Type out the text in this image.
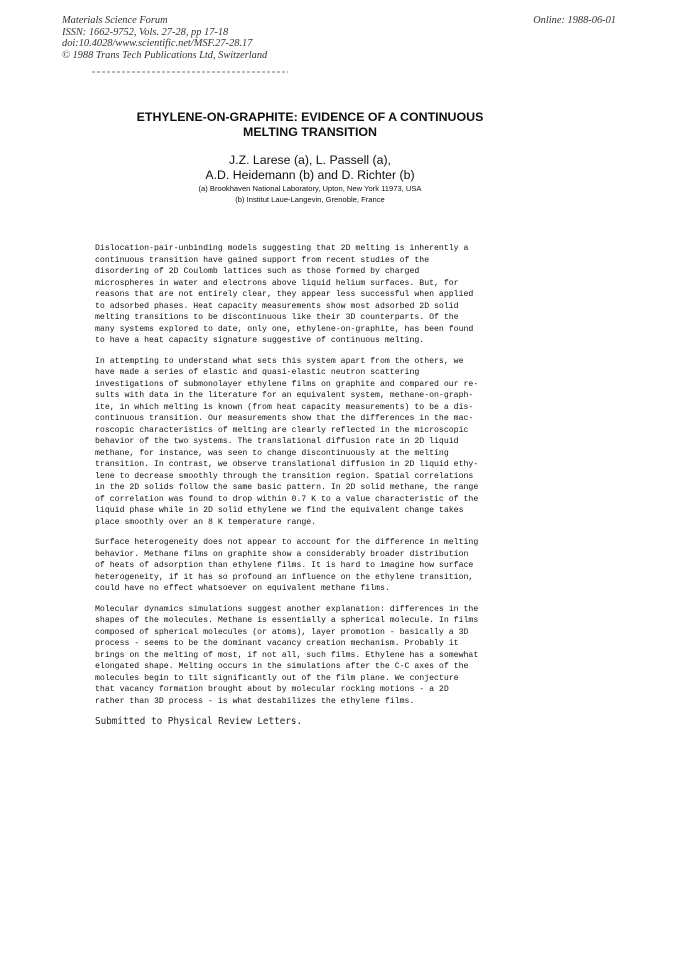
Materials Science Forum
ISSN: 1662-9752, Vols. 27-28, pp 17-18
doi:10.4028/www.scientific.net/MSF.27-28.17
© 1988 Trans Tech Publications Ltd, Switzerland
Online: 1988-06-01
ETHYLENE-ON-GRAPHITE: EVIDENCE OF A CONTINUOUS
MELTING TRANSITION
J.Z. Larese (a), L. Passell (a),
A.D. Heidemann (b) and D. Richter (b)
(a) Brookhaven National Laboratory, Upton, New York 11973, USA
(b) Institut Laue-Langevin, Grenoble, France
Dislocation-pair-unbinding models suggesting that 2D melting is inherently a
continuous transition have gained support from recent studies of the
disordering of 2D Coulomb lattices such as those formed by charged
microspheres in water and electrons above liquid helium surfaces. But, for
reasons that are not entirely clear, they appear less successful when applied
to adsorbed phases. Heat capacity measurements show most adsorbed 2D solid
melting transitions to be discontinuous like their 3D counterparts. Of the
many systems explored to date, only one, ethylene-on-graphite, has been found
to have a heat capacity signature suggestive of continuous melting.
In attempting to understand what sets this system apart from the others, we
have made a series of elastic and quasi-elastic neutron scattering
investigations of submonolayer ethylene films on graphite and compared our re-
sults with data in the literature for an equivalent system, methane-on-graph-
ite, in which melting is known (from heat capacity measurements) to be a dis-
continuous transition. Our measurements show that the differences in the mac-
roscopic characteristics of melting are clearly reflected in the microscopic
behavior of the two systems. The translational diffusion rate in 2D liquid
methane, for instance, was seen to change discontinuously at the melting
transition. In contrast, we observe translational diffusion in 2D liquid ethy-
lene to decrease smoothly through the transition region. Spatial correlations
in the 2D solids follow the same basic pattern. In 2D solid methane, the range
of correlation was found to drop within 0.7 K to a value characteristic of the
liquid phase while in 2D solid ethylene we find the equivalent change takes
place smoothly over an 8 K temperature range.
Surface heterogeneity does not appear to account for the difference in melting
behavior. Methane films on graphite show a considerably broader distribution
of heats of adsorption than ethylene films. It is hard to imagine how surface
heterogeneity, if it has so profound an influence on the ethylene transition,
could have no effect whatsoever on equivalent methane films.
Molecular dynamics simulations suggest another explanation: differences in the
shapes of the molecules. Methane is essentially a spherical molecule. In films
composed of spherical molecules (or atoms), layer promotion - basically a 3D
process - seems to be the dominant vacancy creation mechanism. Probably it
brings on the melting of most, if not all, such films. Ethylene has a somewhat
elongated shape. Melting occurs in the simulations after the C-C axes of the
molecules begin to tilt significantly out of the film plane. We conjecture
that vacancy formation brought about by molecular rocking motions - a 2D
rather than 3D process - is what destabilizes the ethylene films.
Submitted to Physical Review Letters.
